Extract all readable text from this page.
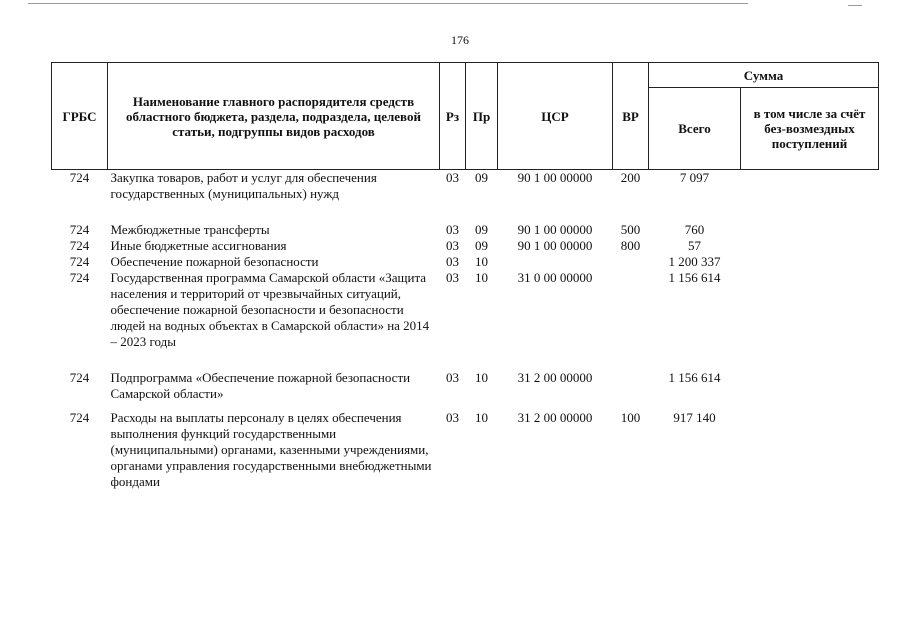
176
ГРБС	Наименование главного распорядителя средств областного бюджета, раздела, подраздела, целевой статьи, подгруппы видов расходов	Рз	Пр	ЦСР	ВР	Сумма	
						Всего	в том числе за счёт без-возмездных поступлений
724	Закупка товаров, работ и услуг для обеспечения государственных (муниципальных) нужд	03	09	90 1 00 00000	200	7 097	

724	Межбюджетные трансферты	03	09	90 1 00 00000	500	760	
724	Иные бюджетные ассигнования	03	09	90 1 00 00000	800	57	
724	Обеспечение пожарной безопасности	03	10			1 200 337	
724	Государственная программа Самарской области «Защита населения и территорий от чрезвычайных ситуаций, обеспечение пожарной безопасности и безопасности людей на водных объектах в Самарской области» на 2014 – 2023 годы	03	10	31 0 00 00000		1 156 614	

724	Подпрограмма «Обеспечение пожарной безопасности Самарской области»	03	10	31 2 00 00000		1 156 614	

724	Расходы на выплаты персоналу в целях обеспечения выполнения функций государственными (муниципальными) органами, казенными учреждениями, органами управления государственными внебюджетными фондами	03	10	31 2 00 00000	100	917 140	
